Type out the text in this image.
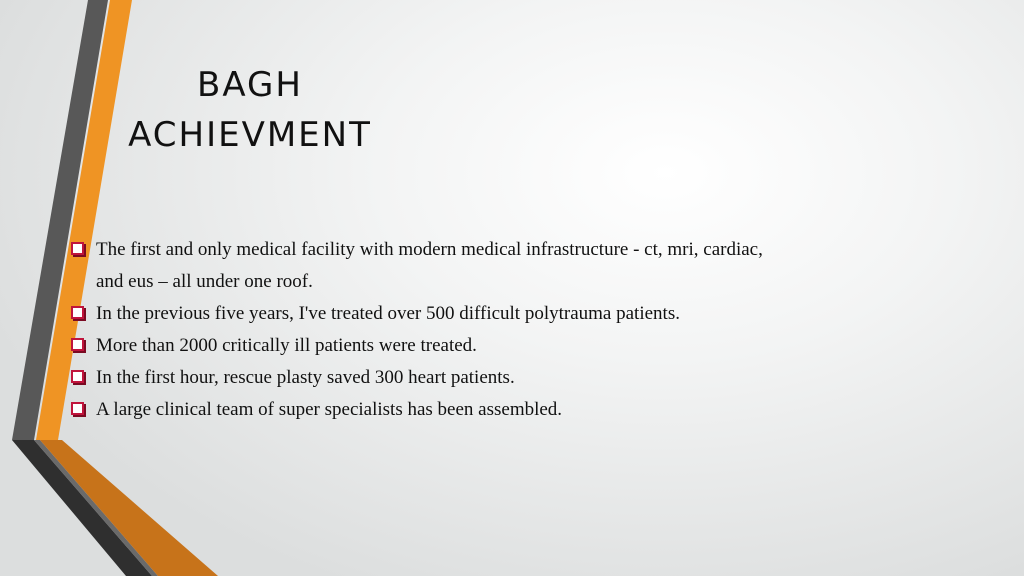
BAGH
ACHIEVMENT
The first and only medical facility with modern medical infrastructure - ct, mri, cardiac, and eus – all under one roof.
In the previous five years, I've treated over 500 difficult polytrauma patients.
More than 2000 critically ill patients were treated.
In the first hour, rescue plasty saved 300 heart patients.
A large clinical team of super specialists has been assembled.
